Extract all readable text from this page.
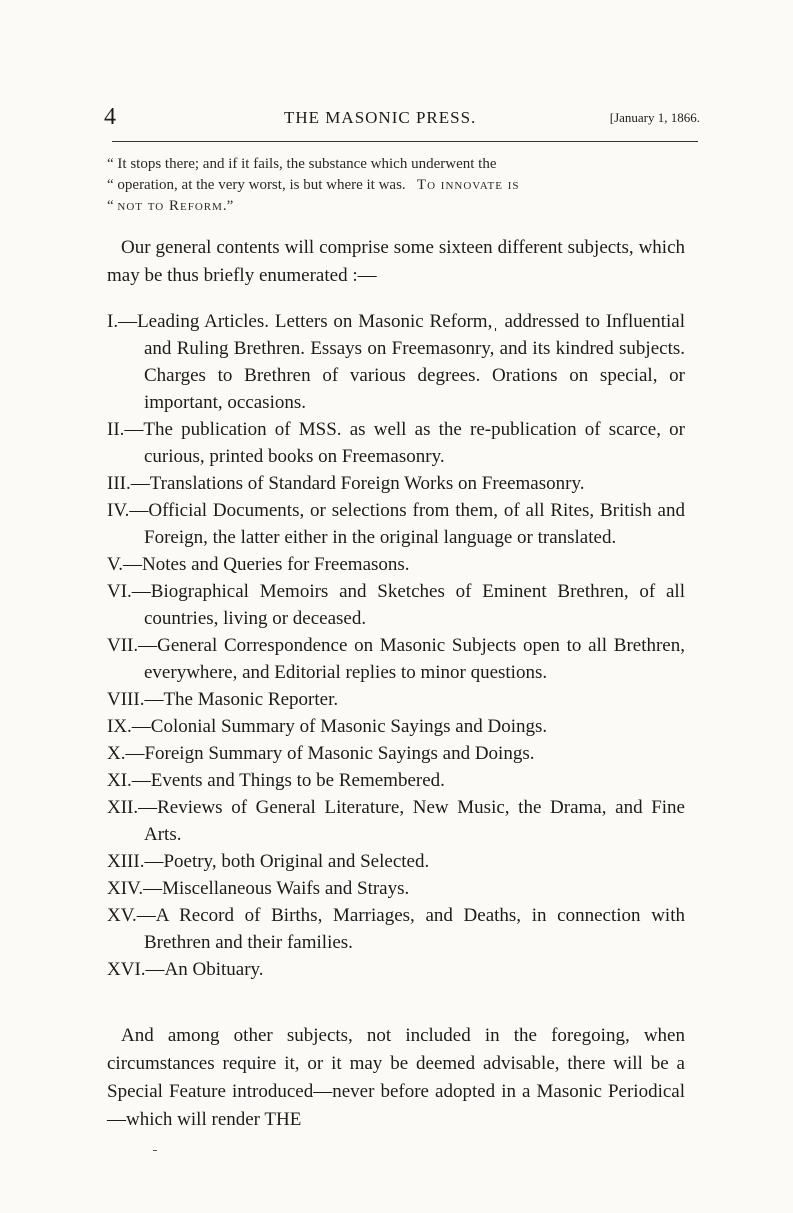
4	THE MASONIC PRESS.	[January 1, 1866.
“ It stops there; and if it fails, the substance which underwent the
“ operation, at the very worst, is but where it was. To innovate is
“ not to Reform.”
Our general contents will comprise some sixteen different subjects, which may be thus briefly enumerated :—
I.—Leading Articles. Letters on Masonic Reform,ˌ addressed to Influential and Ruling Brethren. Essays on Freemasonry, and its kindred subjects. Charges to Brethren of various degrees. Orations on special, or important, occasions.
II.—The publication of MSS. as well as the re-publication of scarce, or curious, printed books on Freemasonry.
III.—Translations of Standard Foreign Works on Freemasonry.
IV.—Official Documents, or selections from them, of all Rites, British and Foreign, the latter either in the original language or translated.
V.—Notes and Queries for Freemasons.
VI.—Biographical Memoirs and Sketches of Eminent Brethren, of all countries, living or deceased.
VII.—General Correspondence on Masonic Subjects open to all Brethren, everywhere, and Editorial replies to minor questions.
VIII.—The Masonic Reporter.
IX.—Colonial Summary of Masonic Sayings and Doings.
X.—Foreign Summary of Masonic Sayings and Doings.
XI.—Events and Things to be Remembered.
XII.—Reviews of General Literature, New Music, the Drama, and Fine Arts.
XIII.—Poetry, both Original and Selected.
XIV.—Miscellaneous Waifs and Strays.
XV.—A Record of Births, Marriages, and Deaths, in connection with Brethren and their families.
XVI.—An Obituary.
And among other subjects, not included in the foregoing, when circumstances require it, or it may be deemed advisable, there will be a Special Feature introduced—never before adopted in a Masonic Periodical—which will render THE
